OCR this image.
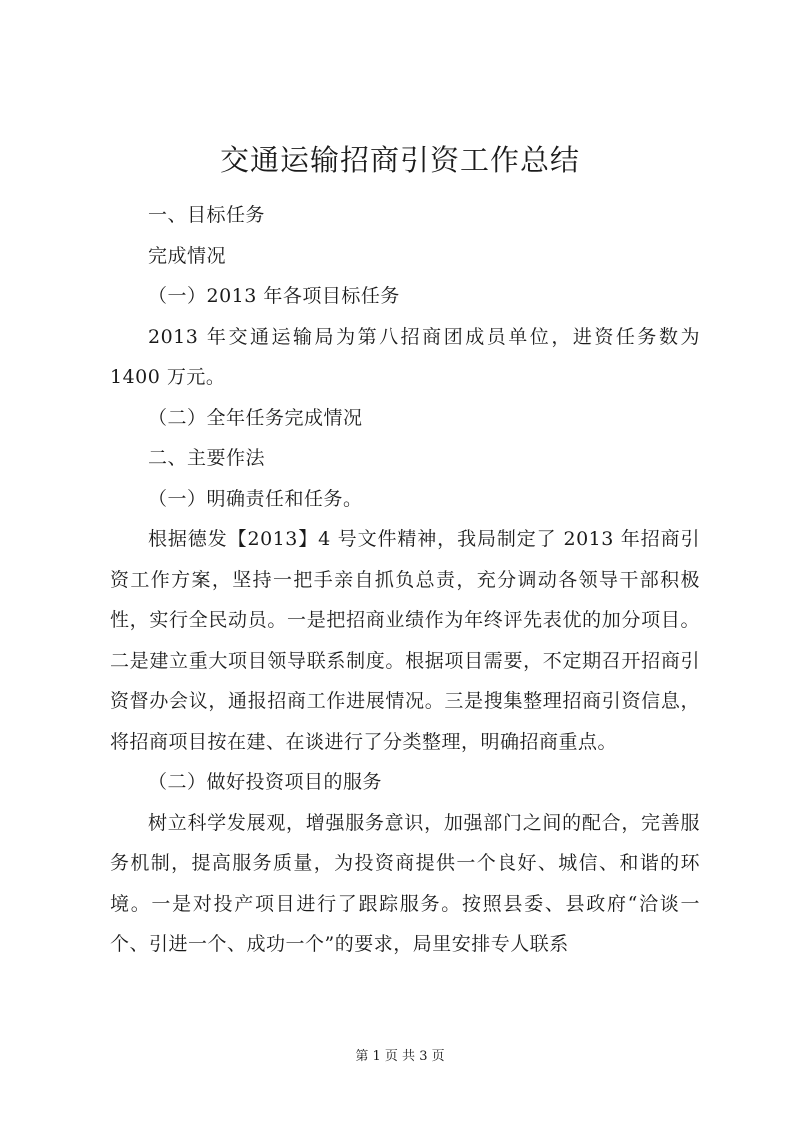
交通运输招商引资工作总结

一、目标任务

完成情况

（一）2013 年各项目标任务

2013 年交通运输局为第八招商团成员单位，进资任务数为1400 万元。

（二）全年任务完成情况

二、主要作法

（一）明确责任和任务。

根据德发【2013】4 号文件精神，我局制定了 2013 年招商引资工作方案，坚持一把手亲自抓负总责，充分调动各领导干部积极性，实行全民动员。一是把招商业绩作为年终评先表优的加分项目。二是建立重大项目领导联系制度。根据项目需要，不定期召开招商引资督办会议，通报招商工作进展情况。三是搜集整理招商引资信息，将招商项目按在建、在谈进行了分类整理，明确招商重点。

（二）做好投资项目的服务

树立科学发展观，增强服务意识，加强部门之间的配合，完善服务机制，提高服务质量，为投资商提供一个良好、城信、和谐的环境。一是对投产项目进行了跟踪服务。按照县委、县政府“洽谈一个、引进一个、成功一个”的要求，局里安排专人联系

第 1 页 共 3 页
